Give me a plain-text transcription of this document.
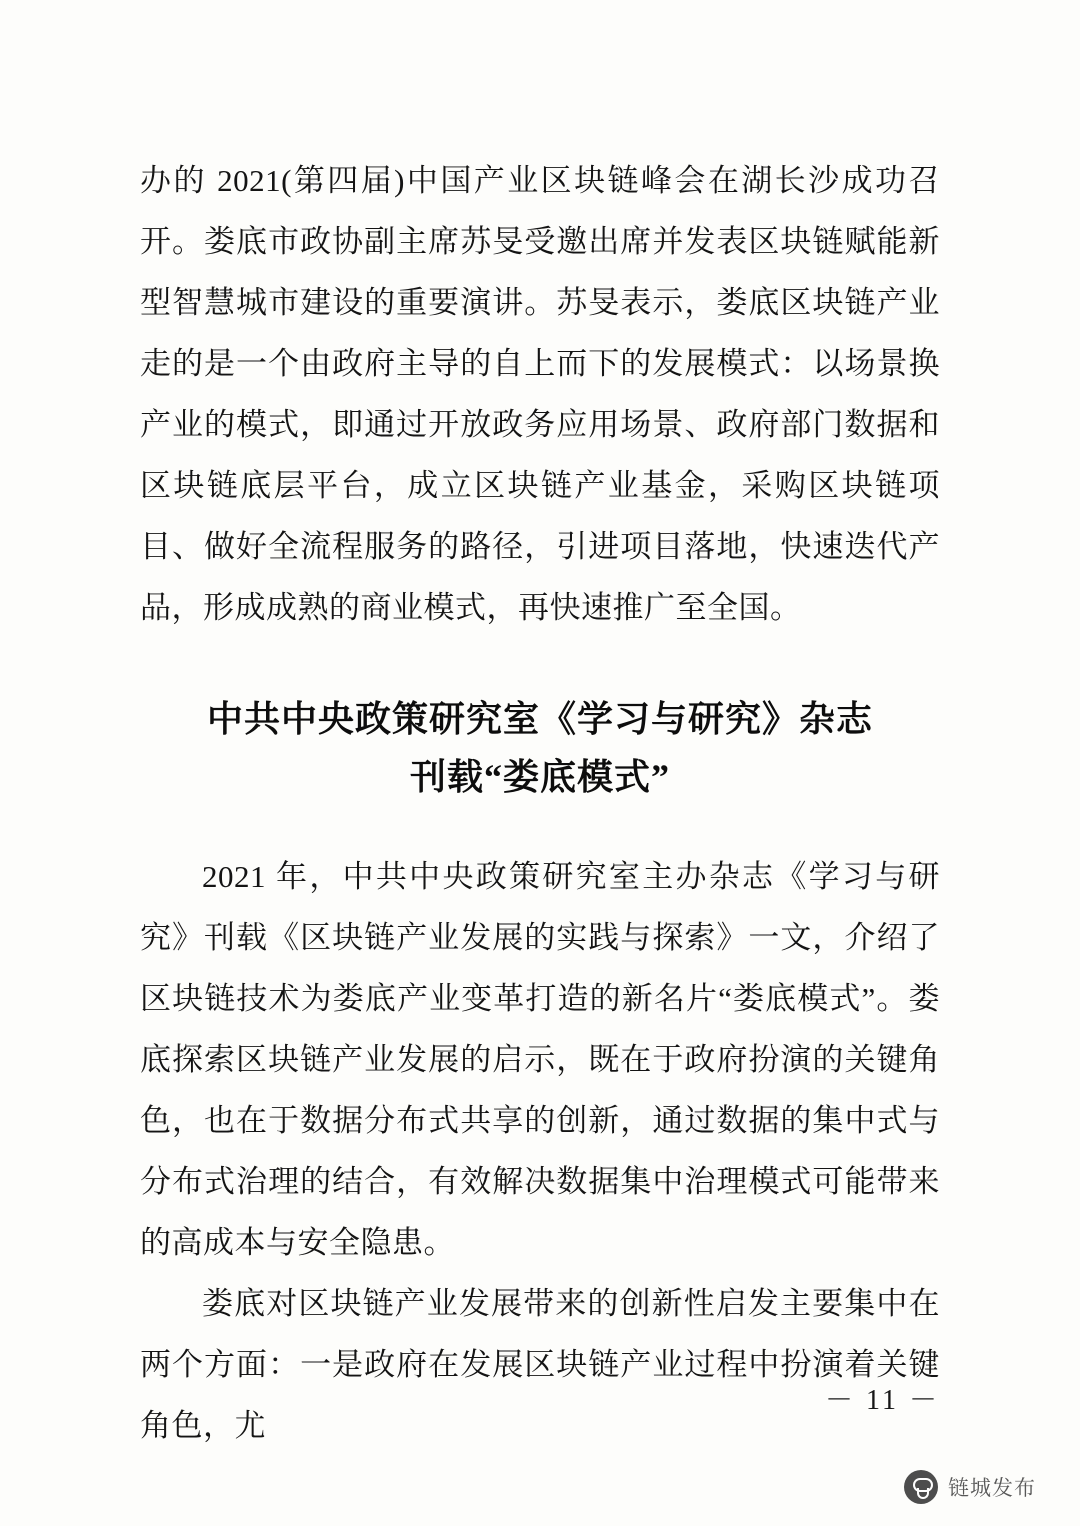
办的 2021(第四届)中国产业区块链峰会在湖长沙成功召开。娄底市政协副主席苏旻受邀出席并发表区块链赋能新型智慧城市建设的重要演讲。苏旻表示，娄底区块链产业走的是一个由政府主导的自上而下的发展模式：以场景换产业的模式，即通过开放政务应用场景、政府部门数据和区块链底层平台，成立区块链产业基金，采购区块链项目、做好全流程服务的路径，引进项目落地，快速迭代产品，形成成熟的商业模式，再快速推广至全国。

中共中央政策研究室《学习与研究》杂志
刊载“娄底模式”

2021 年，中共中央政策研究室主办杂志《学习与研究》刊载《区块链产业发展的实践与探索》一文，介绍了区块链技术为娄底产业变革打造的新名片“娄底模式”。娄底探索区块链产业发展的启示，既在于政府扮演的关键角色，也在于数据分布式共享的创新，通过数据的集中式与分布式治理的结合，有效解决数据集中治理模式可能带来的高成本与安全隐患。

娄底对区块链产业发展带来的创新性启发主要集中在两个方面：一是政府在发展区块链产业过程中扮演着关键角色，尤

－ 11 －
链城发布
